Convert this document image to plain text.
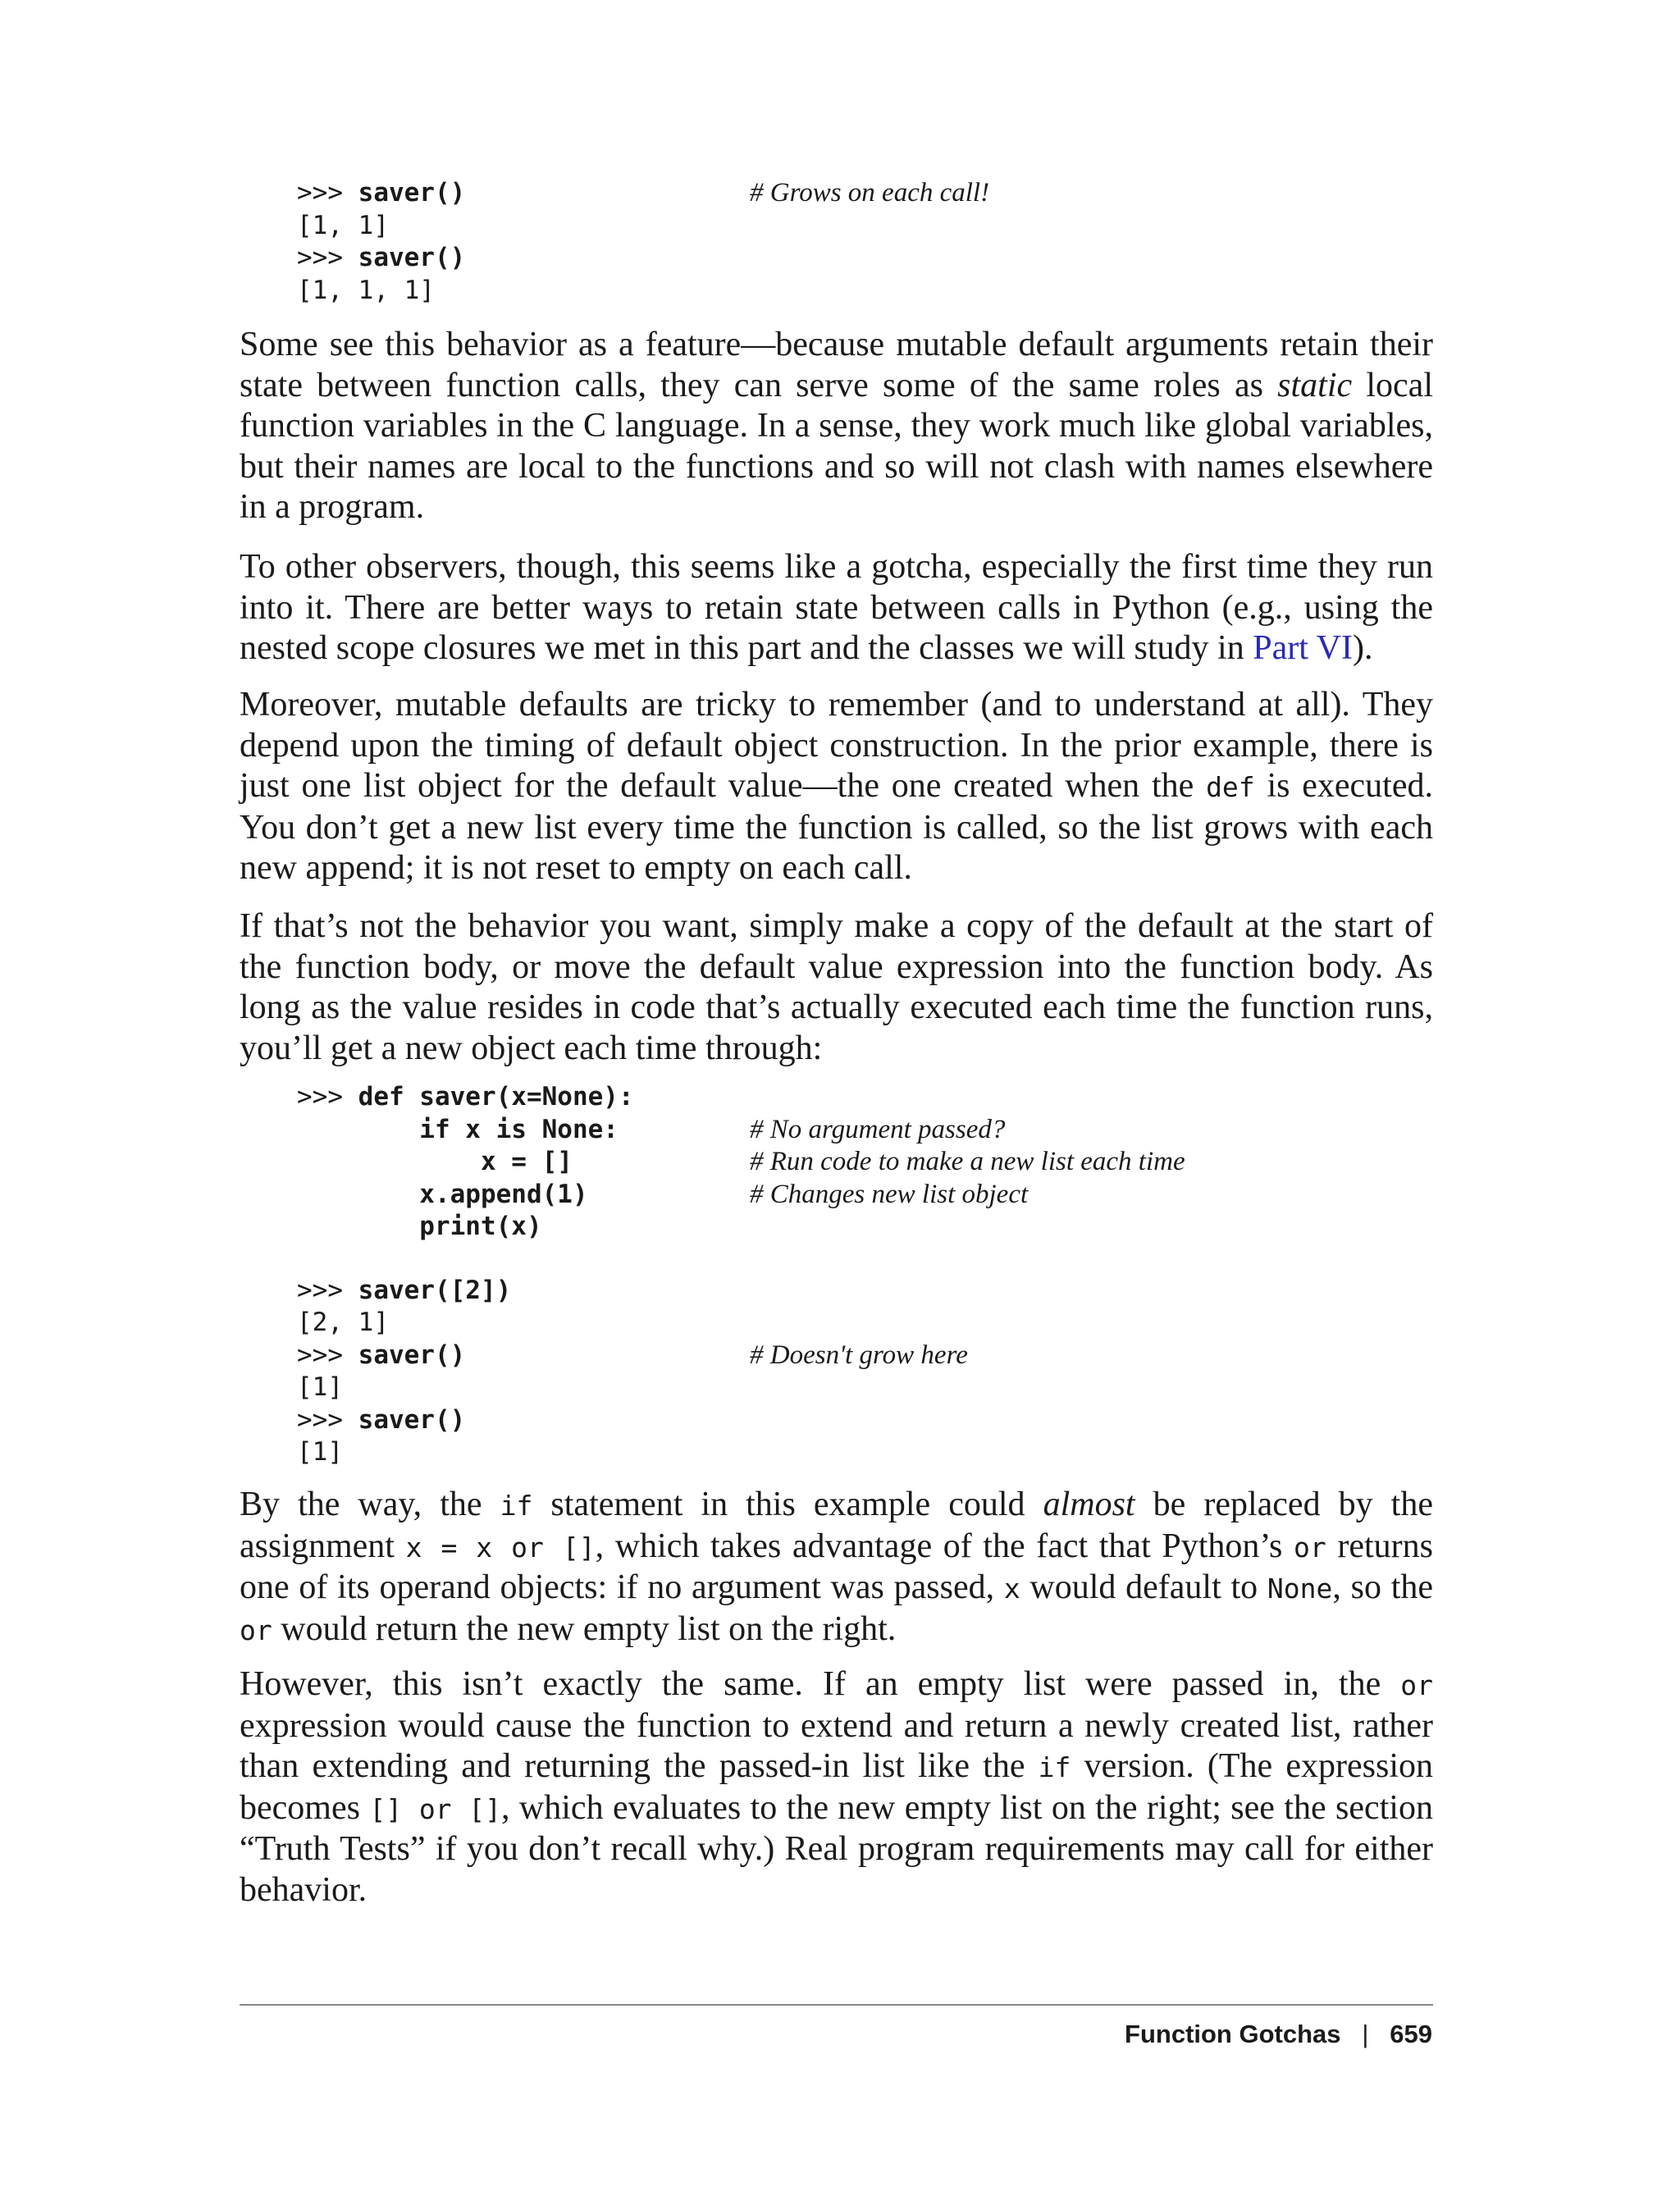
>>> saver()	# Grows on each call!
[1, 1]
>>> saver()
[1, 1, 1]

Some see this behavior as a feature—because mutable default arguments retain their state between function calls, they can serve some of the same roles as static local function variables in the C language. In a sense, they work much like global variables, but their names are local to the functions and so will not clash with names elsewhere in a program.

To other observers, though, this seems like a gotcha, especially the first time they run into it. There are better ways to retain state between calls in Python (e.g., using the nested scope closures we met in this part and the classes we will study in Part VI).

Moreover, mutable defaults are tricky to remember (and to understand at all). They depend upon the timing of default object construction. In the prior example, there is just one list object for the default value—the one created when the def is executed. You don’t get a new list every time the function is called, so the list grows with each new append; it is not reset to empty on each call.

If that’s not the behavior you want, simply make a copy of the default at the start of the function body, or move the default value expression into the function body. As long as the value resides in code that’s actually executed each time the function runs, you’ll get a new object each time through:

>>> def saver(x=None):
if x is None:	# No argument passed?
x = []	# Run code to make a new list each time
x.append(1)	# Changes new list object
print(x)
>>> saver([2])
[2, 1]
>>> saver()	# Doesn't grow here
[1]
>>> saver()
[1]

By the way, the if statement in this example could almost be replaced by the assignment x = x or [], which takes advantage of the fact that Python’s or returns one of its operand objects: if no argument was passed, x would default to None, so the or would return the new empty list on the right.

However, this isn’t exactly the same. If an empty list were passed in, the or expression would cause the function to extend and return a newly created list, rather than extending and returning the passed-in list like the if version. (The expression becomes [] or [], which evaluates to the new empty list on the right; see the section “Truth Tests” if you don’t recall why.) Real program requirements may call for either behavior.

Function Gotchas | 659
